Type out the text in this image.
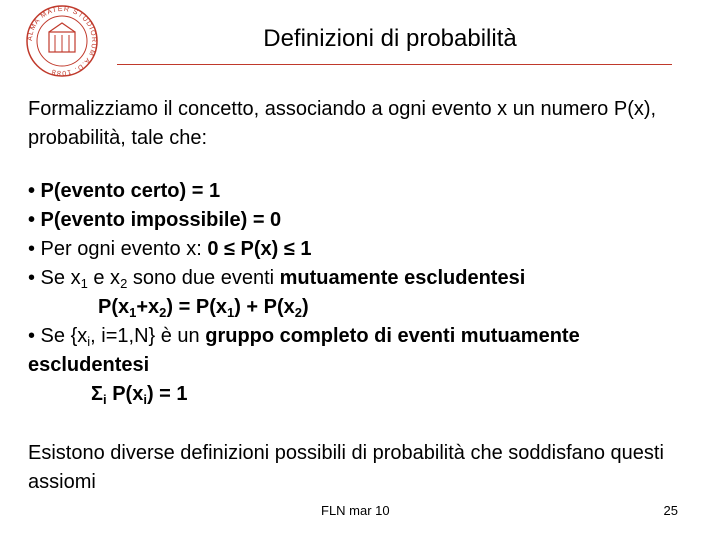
ALMA MATER STUDIORUM A.D. 1088
Definizioni di probabilità
Formalizziamo il concetto, associando a ogni evento x un numero P(x), probabilità, tale che:
• P(evento certo) = 1
• P(evento impossibile) = 0
• Per ogni evento x: 0 ≤ P(x) ≤ 1
• Se $x_1$ e $x_2$ sono due eventi mutuamente escludentesi
$P(x_1+x_2) = P(x_1) + P(x_2)$
• Se {$x_i$, i=1,N} è un gruppo completo di eventi mutuamente
escludentesi
$\Sigma_i$ $P(x_i) = 1$
Esistono diverse definizioni possibili di probabilità che soddisfano questi assiomi
FLN mar 10	25
